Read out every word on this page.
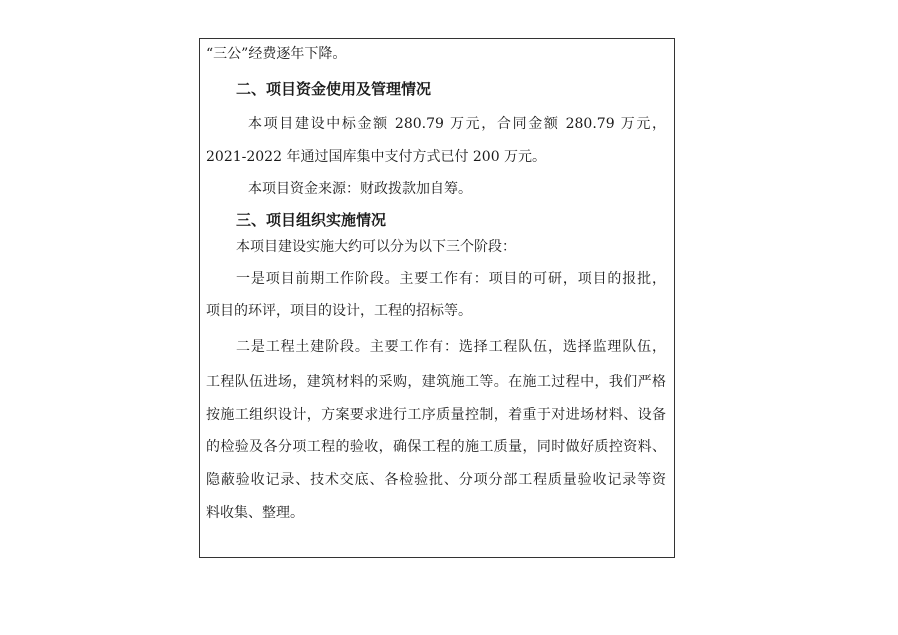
“三公”经费逐年下降。
二、项目资金使用及管理情况
本项目建设中标金额 280.79 万元，合同金额 280.79 万元，
2021-2022 年通过国库集中支付方式已付 200 万元。
本项目资金来源：财政拨款加自筹。
三、项目组织实施情况
本项目建设实施大约可以分为以下三个阶段：
一是项目前期工作阶段。主要工作有：项目的可研，项目的报批，
项目的环评，项目的设计，工程的招标等。
二是工程土建阶段。主要工作有：选择工程队伍，选择监理队伍，
工程队伍进场，建筑材料的采购，建筑施工等。在施工过程中，我们严格
按施工组织设计，方案要求进行工序质量控制，着重于对进场材料、设备
的检验及各分项工程的验收，确保工程的施工质量，同时做好质控资料、
隐蔽验收记录、技术交底、各检验批、分项分部工程质量验收记录等资
料收集、整理。
